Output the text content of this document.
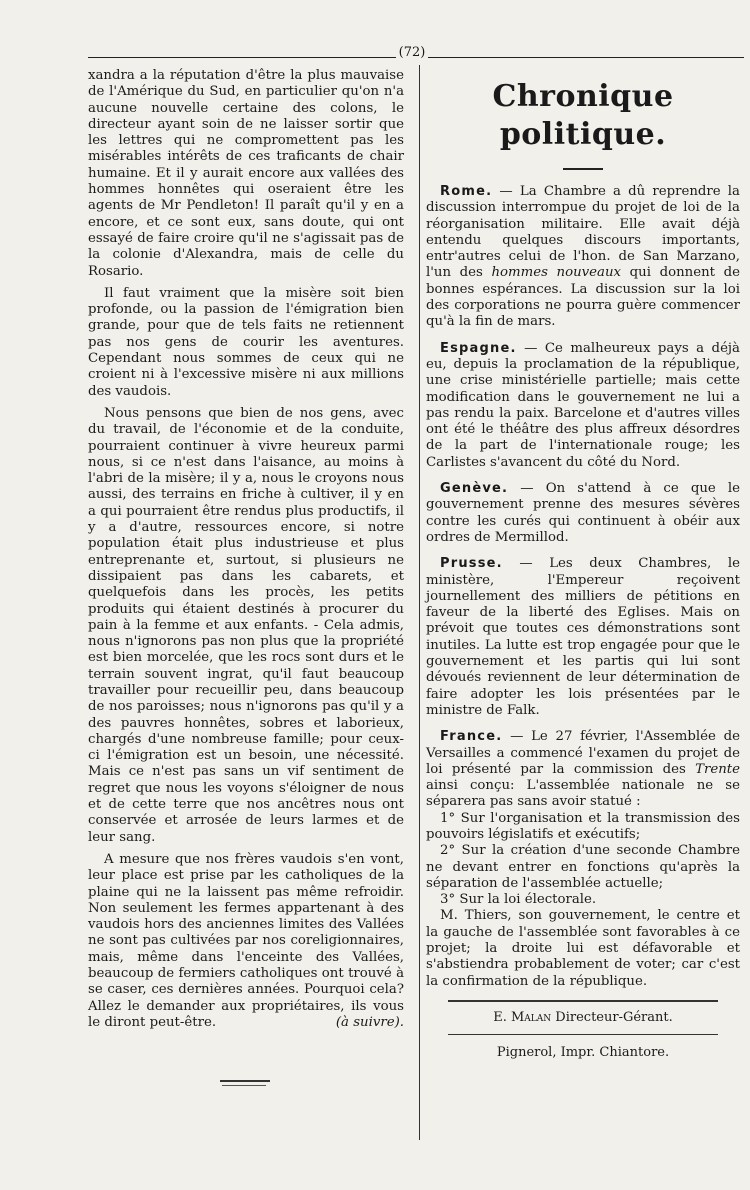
(72)

xandra a la réputation d'être la plus mauvaise de l'Amérique du Sud, en particulier qu'on n'a aucune nouvelle certaine des colons, le directeur ayant soin de ne laisser sortir que les lettres qui ne compromettent pas les misérables intérêts de ces traficants de chair humaine. Et il y aurait encore aux vallées des hommes honnêtes qui oseraient être les agents de Mr Pendleton! Il paraît qu'il y en a encore, et ce sont eux, sans doute, qui ont essayé de faire croire qu'il ne s'agissait pas de la colonie d'Alexandra, mais de celle du Rosario.

Il faut vraiment que la misère soit bien profonde, ou la passion de l'émigration bien grande, pour que de tels faits ne retiennent pas nos gens de courir les aventures. Cependant nous sommes de ceux qui ne croient ni à l'excessive misère ni aux millions des vaudois.

Nous pensons que bien de nos gens, avec du travail, de l'économie et de la conduite, pourraient continuer à vivre heureux parmi nous, si ce n'est dans l'aisance, au moins à l'abri de la misère; il y a, nous le croyons nous aussi, des terrains en friche à cultiver, il y en a qui pourraient être rendus plus productifs, il y a d'autre, ressources encore, si notre population était plus industrieuse et plus entreprenante et, surtout, si plusieurs ne dissipaient pas dans les cabarets, et quelquefois dans les procès, les petits produits qui étaient destinés à procurer du pain à la femme et aux enfants. - Cela admis, nous n'ignorons pas non plus que la propriété est bien morcelée, que les rocs sont durs et le terrain souvent ingrat, qu'il faut beaucoup travailler pour recueillir peu, dans beaucoup de nos paroisses; nous n'ignorons pas qu'il y a des pauvres honnêtes, sobres et laborieux, chargés d'une nombreuse famille; pour ceux-ci l'émigration est un besoin, une nécessité. Mais ce n'est pas sans un vif sentiment de regret que nous les voyons s'éloigner de nous et de cette terre que nos ancêtres nous ont conservée et arrosée de leurs larmes et de leur sang.

A mesure que nos frères vaudois s'en vont, leur place est prise par les catholiques de la plaine qui ne la laissent pas même refroidir. Non seulement les fermes appartenant à des vaudois hors des anciennes limites des Vallées ne sont pas cultivées par nos coreligionnaires, mais, même dans l'enceinte des Vallées, beaucoup de fermiers catholiques ont trouvé à se caser, ces dernières années. Pourquoi cela? Allez le demander aux propriétaires, ils vous le diront peut-être.	(à suivre).

Chronique politique.

Rome. — La Chambre a dû reprendre la discussion interrompue du projet de loi de la réorganisation militaire. Elle avait déjà entendu quelques discours importants, entr'autres celui de l'hon. de San Marzano, l'un des hommes nouveaux qui donnent de bonnes espérances. La discussion sur la loi des corporations ne pourra guère commencer qu'à la fin de mars.

Espagne. — Ce malheureux pays a déjà eu, depuis la proclamation de la république, une crise ministérielle partielle; mais cette modification dans le gouvernement ne lui a pas rendu la paix. Barcelone et d'autres villes ont été le théâtre des plus affreux désordres de la part de l'internationale rouge; les Carlistes s'avancent du côté du Nord.

Genève. — On s'attend à ce que le gouvernement prenne des mesures sévères contre les curés qui continuent à obéir aux ordres de Mermillod.

Prusse. — Les deux Chambres, le ministère, l'Empereur reçoivent journellement des milliers de pétitions en faveur de la liberté des Eglises. Mais on prévoit que toutes ces démonstrations sont inutiles. La lutte est trop engagée pour que le gouvernement et les partis qui lui sont dévoués reviennent de leur détermination de faire adopter les lois présentées par le ministre de Falk.

France. — Le 27 février, l'Assemblée de Versailles a commencé l'examen du projet de loi présenté par la commission des Trente ainsi conçu: L'assemblée nationale ne se séparera pas sans avoir statué :

1° Sur l'organisation et la transmission des pouvoirs législatifs et exécutifs;

2° Sur la création d'une seconde Chambre ne devant entrer en fonctions qu'après la séparation de l'assemblée actuelle;

3° Sur la loi électorale.

M. Thiers, son gouvernement, le centre et la gauche de l'assemblée sont favorables à ce projet; la droite lui est défavorable et s'abstiendra probablement de voter; car c'est la confirmation de la république.

E. Malan Directeur-Gérant.
Pignerol, Impr. Chiantore.
